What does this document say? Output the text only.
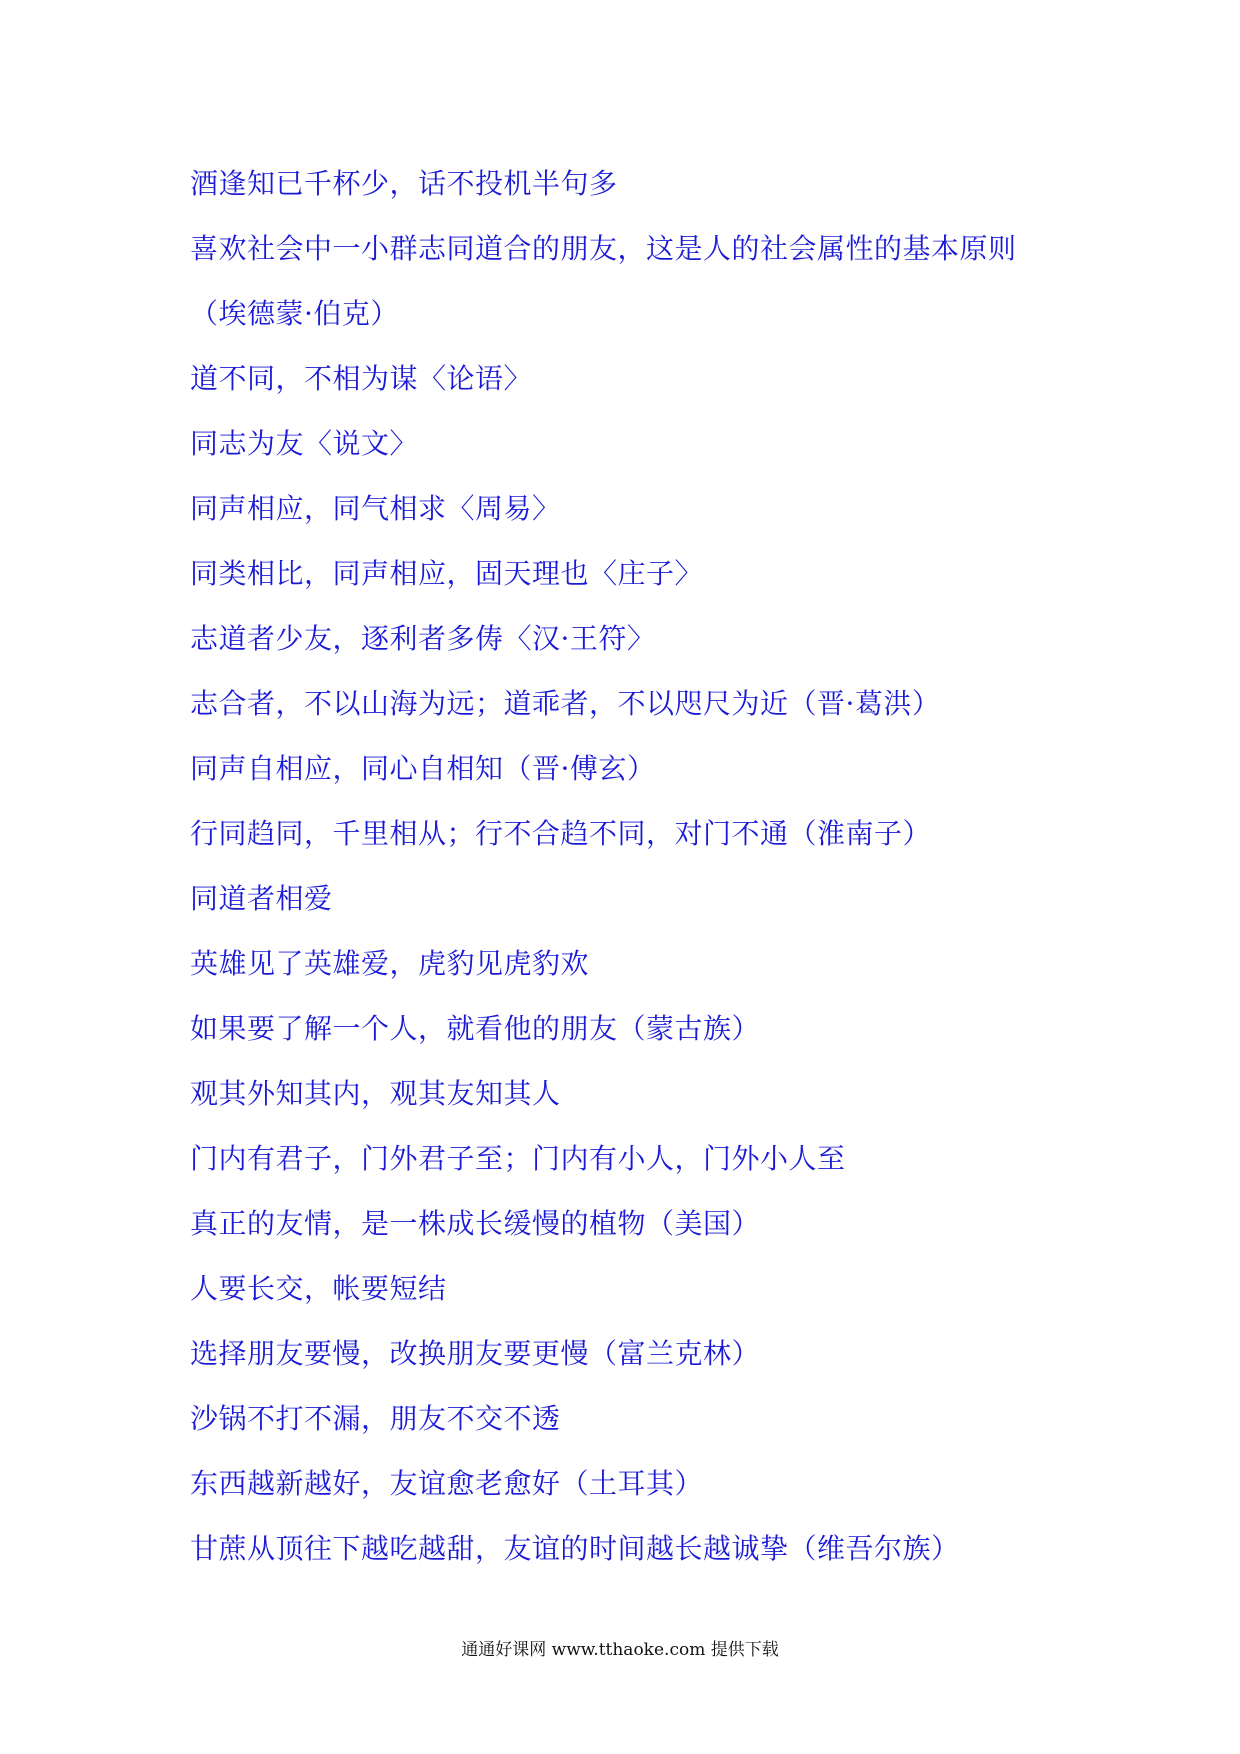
酒逢知已千杯少，话不投机半句多
喜欢社会中一小群志同道合的朋友，这是人的社会属性的基本原则
（埃德蒙·伯克）
道不同，不相为谋〈论语〉
同志为友〈说文〉
同声相应，同气相求〈周易〉
同类相比，同声相应，固天理也〈庄子〉
志道者少友，逐利者多俦〈汉·王符〉
志合者，不以山海为远；道乖者，不以咫尺为近（晋·葛洪）
同声自相应，同心自相知（晋·傅玄）
行同趋同，千里相从；行不合趋不同，对门不通（淮南子）
同道者相爱
英雄见了英雄爱，虎豹见虎豹欢
如果要了解一个人，就看他的朋友（蒙古族）
观其外知其内，观其友知其人
门内有君子，门外君子至；门内有小人，门外小人至
真正的友情，是一株成长缓慢的植物（美国）
人要长交，帐要短结
选择朋友要慢，改换朋友要更慢（富兰克林）
沙锅不打不漏，朋友不交不透
东西越新越好，友谊愈老愈好（土耳其）
甘蔗从顶往下越吃越甜，友谊的时间越长越诚挚（维吾尔族）
通通好课网 www.tthaoke.com 提供下载
